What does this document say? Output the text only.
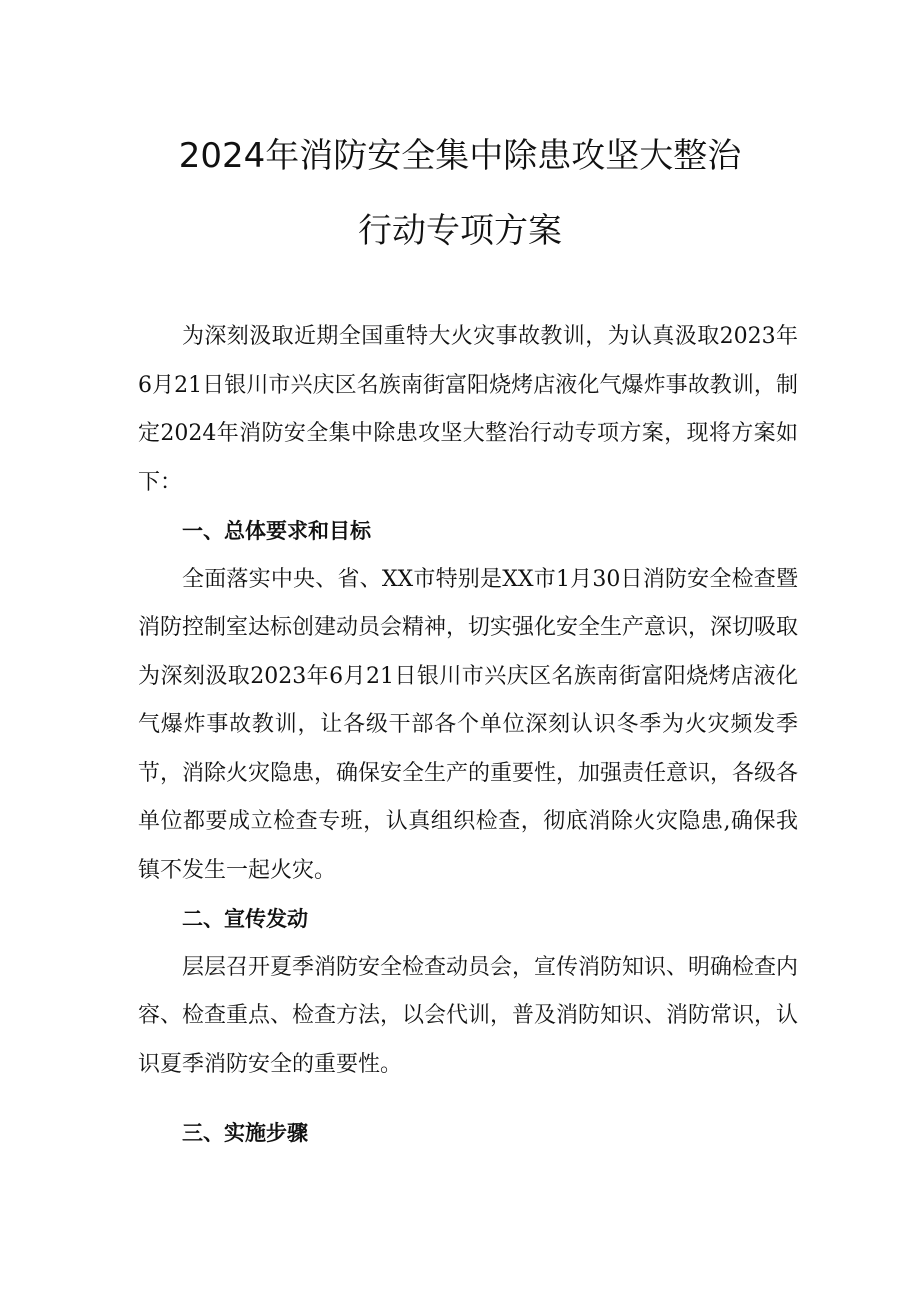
2024年消防安全集中除患攻坚大整治
行动专项方案

为深刻汲取近期全国重特大火灾事故教训，为认真汲取2023年6月21日银川市兴庆区名族南街富阳烧烤店液化气爆炸事故教训，制定2024年消防安全集中除患攻坚大整治行动专项方案，现将方案如下：

一、总体要求和目标

全面落实中央、省、XX市特别是XX市1月30日消防安全检查暨消防控制室达标创建动员会精神，切实强化安全生产意识，深切吸取为深刻汲取2023年6月21日银川市兴庆区名族南街富阳烧烤店液化气爆炸事故教训，让各级干部各个单位深刻认识冬季为火灾频发季节，消除火灾隐患，确保安全生产的重要性，加强责任意识，各级各单位都要成立检查专班，认真组织检查，彻底消除火灾隐患,确保我镇不发生一起火灾。

二、宣传发动

层层召开夏季消防安全检查动员会，宣传消防知识、明确检查内容、检查重点、检查方法，以会代训，普及消防知识、消防常识，认识夏季消防安全的重要性。

三、实施步骤
